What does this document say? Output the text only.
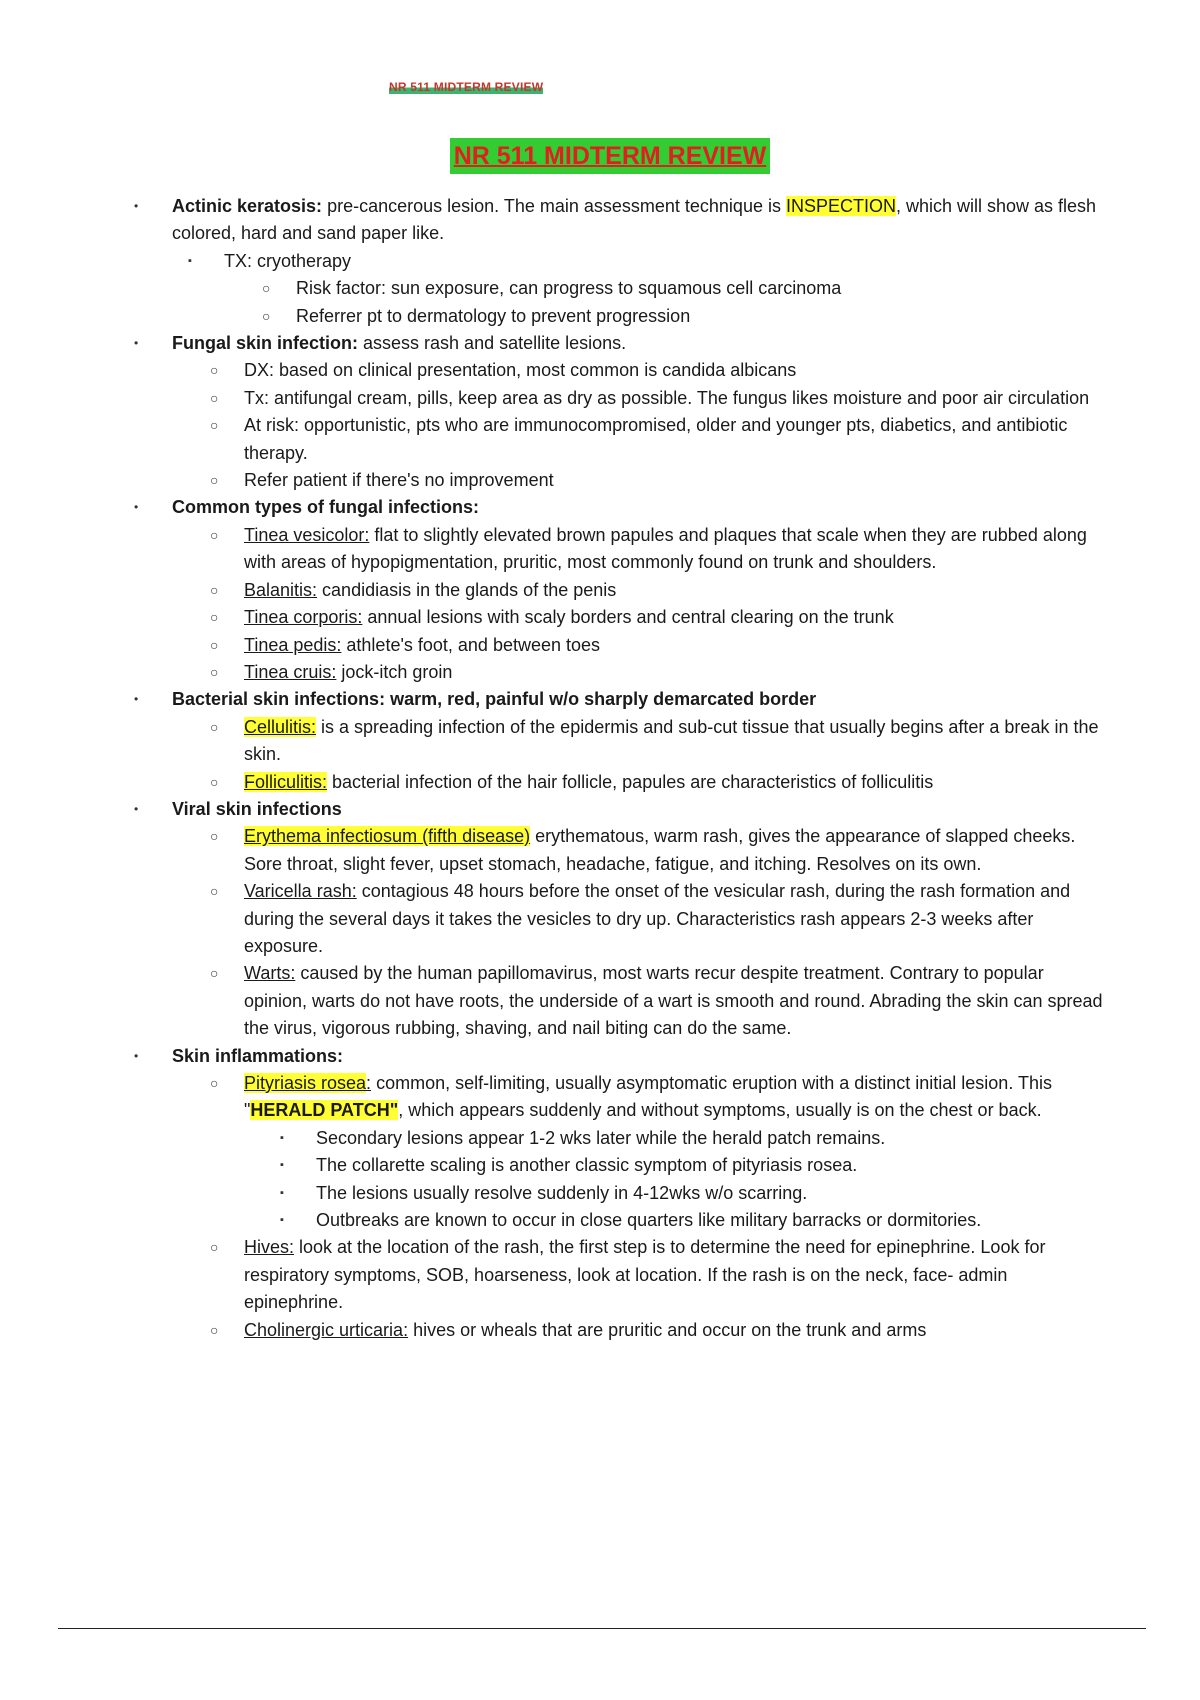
NR 511 MIDTERM REVIEW
NR 511 MIDTERM REVIEW
• Actinic keratosis: pre-cancerous lesion. The main assessment technique is INSPECTION, which will show as flesh colored, hard and sand paper like.
▪ TX: cryotherapy
○ Risk factor: sun exposure, can progress to squamous cell carcinoma
○ Referrer pt to dermatology to prevent progression
• Fungal skin infection: assess rash and satellite lesions.
○ DX: based on clinical presentation, most common is candida albicans
○ Tx: antifungal cream, pills, keep area as dry as possible. The fungus likes moisture and poor air circulation
○ At risk: opportunistic, pts who are immunocompromised, older and younger pts, diabetics, and antibiotic therapy.
○ Refer patient if there's no improvement
• Common types of fungal infections:
○ Tinea vesicolor: flat to slightly elevated brown papules and plaques that scale when they are rubbed along with areas of hypopigmentation, pruritic, most commonly found on trunk and shoulders.
○ Balanitis: candidiasis in the glands of the penis
○ Tinea corporis: annual lesions with scaly borders and central clearing on the trunk
○ Tinea pedis: athlete's foot, and between toes
○ Tinea cruis: jock-itch groin
• Bacterial skin infections: warm, red, painful w/o sharply demarcated border
○ Cellulitis: is a spreading infection of the epidermis and sub-cut tissue that usually begins after a break in the skin.
○ Folliculitis: bacterial infection of the hair follicle, papules are characteristics of folliculitis
• Viral skin infections
○ Erythema infectiosum (fifth disease) erythematous, warm rash, gives the appearance of slapped cheeks. Sore throat, slight fever, upset stomach, headache, fatigue, and itching. Resolves on its own.
○ Varicella rash: contagious 48 hours before the onset of the vesicular rash, during the rash formation and during the several days it takes the vesicles to dry up. Characteristics rash appears 2-3 weeks after exposure.
○ Warts: caused by the human papillomavirus, most warts recur despite treatment. Contrary to popular opinion, warts do not have roots, the underside of a wart is smooth and round. Abrading the skin can spread the virus, vigorous rubbing, shaving, and nail biting can do the same.
• Skin inflammations:
○ Pityriasis rosea: common, self-limiting, usually asymptomatic eruption with a distinct initial lesion. This "HERALD PATCH", which appears suddenly and without symptoms, usually is on the chest or back.
▪ Secondary lesions appear 1-2 wks later while the herald patch remains.
▪ The collarette scaling is another classic symptom of pityriasis rosea.
▪ The lesions usually resolve suddenly in 4-12wks w/o scarring.
▪ Outbreaks are known to occur in close quarters like military barracks or dormitories.
○ Hives: look at the location of the rash, the first step is to determine the need for epinephrine. Look for respiratory symptoms, SOB, hoarseness, look at location. If the rash is on the neck, face- admin epinephrine.
○ Cholinergic urticaria: hives or wheals that are pruritic and occur on the trunk and arms
